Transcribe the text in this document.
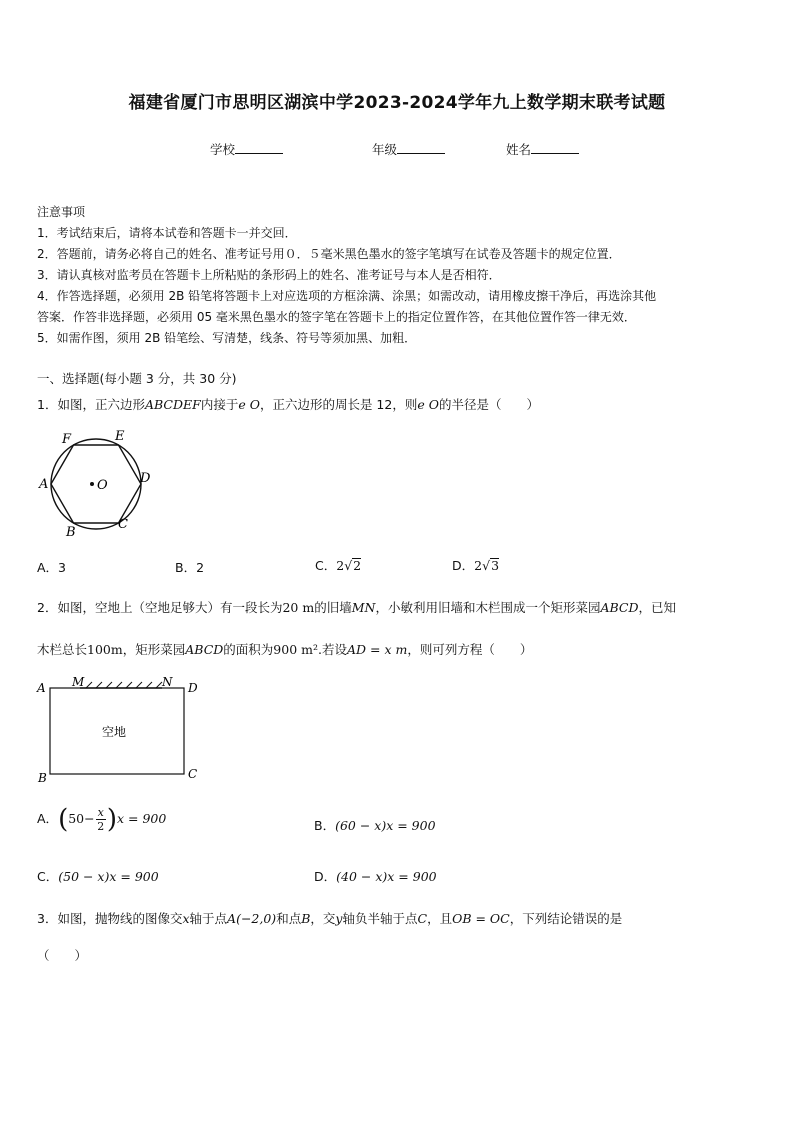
福建省厦门市思明区湖滨中学2023-2024学年九上数学期末联考试题
学校	年级	姓名
注意事项
1．考试结束后，请将本试卷和答题卡一并交回．
2．答题前，请务必将自己的姓名、准考证号用０．５毫米黑色墨水的签字笔填写在试卷及答题卡的规定位置．
3．请认真核对监考员在答题卡上所粘贴的条形码上的姓名、准考证号与本人是否相符．
4．作答选择题，必须用 2B 铅笔将答题卡上对应选项的方框涂满、涂黑；如需改动，请用橡皮擦干净后，再选涂其他
答案．作答非选择题，必须用 05 毫米黑色墨水的签字笔在答题卡上的指定位置作答，在其他位置作答一律无效．
5．如需作图，须用 2B 铅笔绘、写清楚，线条、符号等须加黑、加粗．
一、选择题(每小题 3 分，共 30 分)
1．如图，正六边形ABCDEF内接于e O，正六边形的周长是 12，则e O的半径是（　　）
O
A
B
C
D
E
F
A．3	B．2	C．2√2	D．2√3
2．如图，空地上（空地足够大）有一段长为20 m的旧墙MN，小敏利用旧墙和木栏围成一个矩形菜园ABCD，已知
木栏总长100m，矩形菜园ABCD的面积为900 m².若设AD = x m，则可列方程（　　）
A	D
B	C
M	N
空地
A．$(50- \frac{x}{2} )x = 900$	B．(60 − x)x = 900
C．(50 − x)x = 900	D．(40 − x)x = 900
3．如图，抛物线的图像交x轴于点A(−2,0)和点B，交y轴负半轴于点C，且OB = OC，下列结论错误的是
（　　）
